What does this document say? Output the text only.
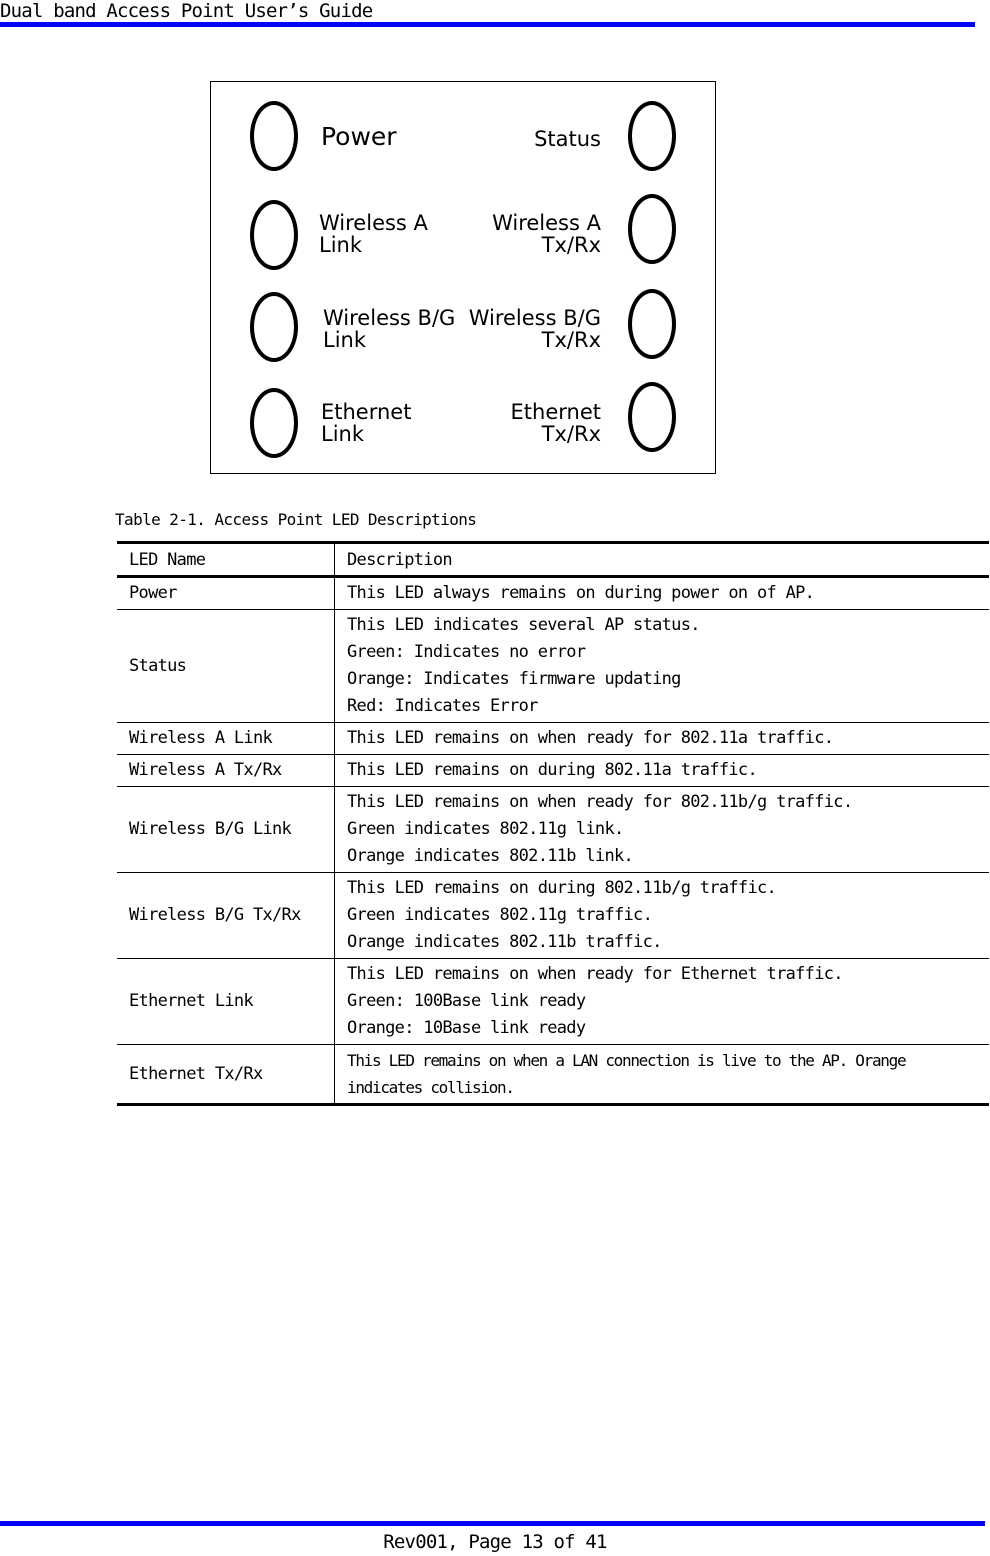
Dual band Access Point User’s Guide
Power
Wireless A
Link
Wireless B/G
Link
Ethernet
Link
Status
Wireless A
Tx/Rx
Wireless B/G
Tx/Rx
Ethernet
Tx/Rx
Table 2-1. Access Point LED Descriptions
LED Name	Description
Power	This LED always remains on during power on of AP.

Status	This LED indicates several AP status.
Green: Indicates no error
Orange: Indicates firmware updating
Red: Indicates Error

Wireless A Link	This LED remains on when ready for 802.11a traffic.

Wireless A Tx/Rx	This LED remains on during 802.11a traffic.

Wireless B/G Link	This LED remains on when ready for 802.11b/g traffic.
Green indicates 802.11g link.
Orange indicates 802.11b link.

Wireless B/G Tx/Rx	This LED remains on during 802.11b/g traffic.
Green indicates 802.11g traffic.
Orange indicates 802.11b traffic.

Ethernet Link	This LED remains on when ready for Ethernet traffic.
Green: 100Base link ready
Orange: 10Base link ready

Ethernet Tx/Rx	This LED remains on when a LAN connection is live to the AP. Orange
indicates collision.
Rev001, Page 13 of 41
